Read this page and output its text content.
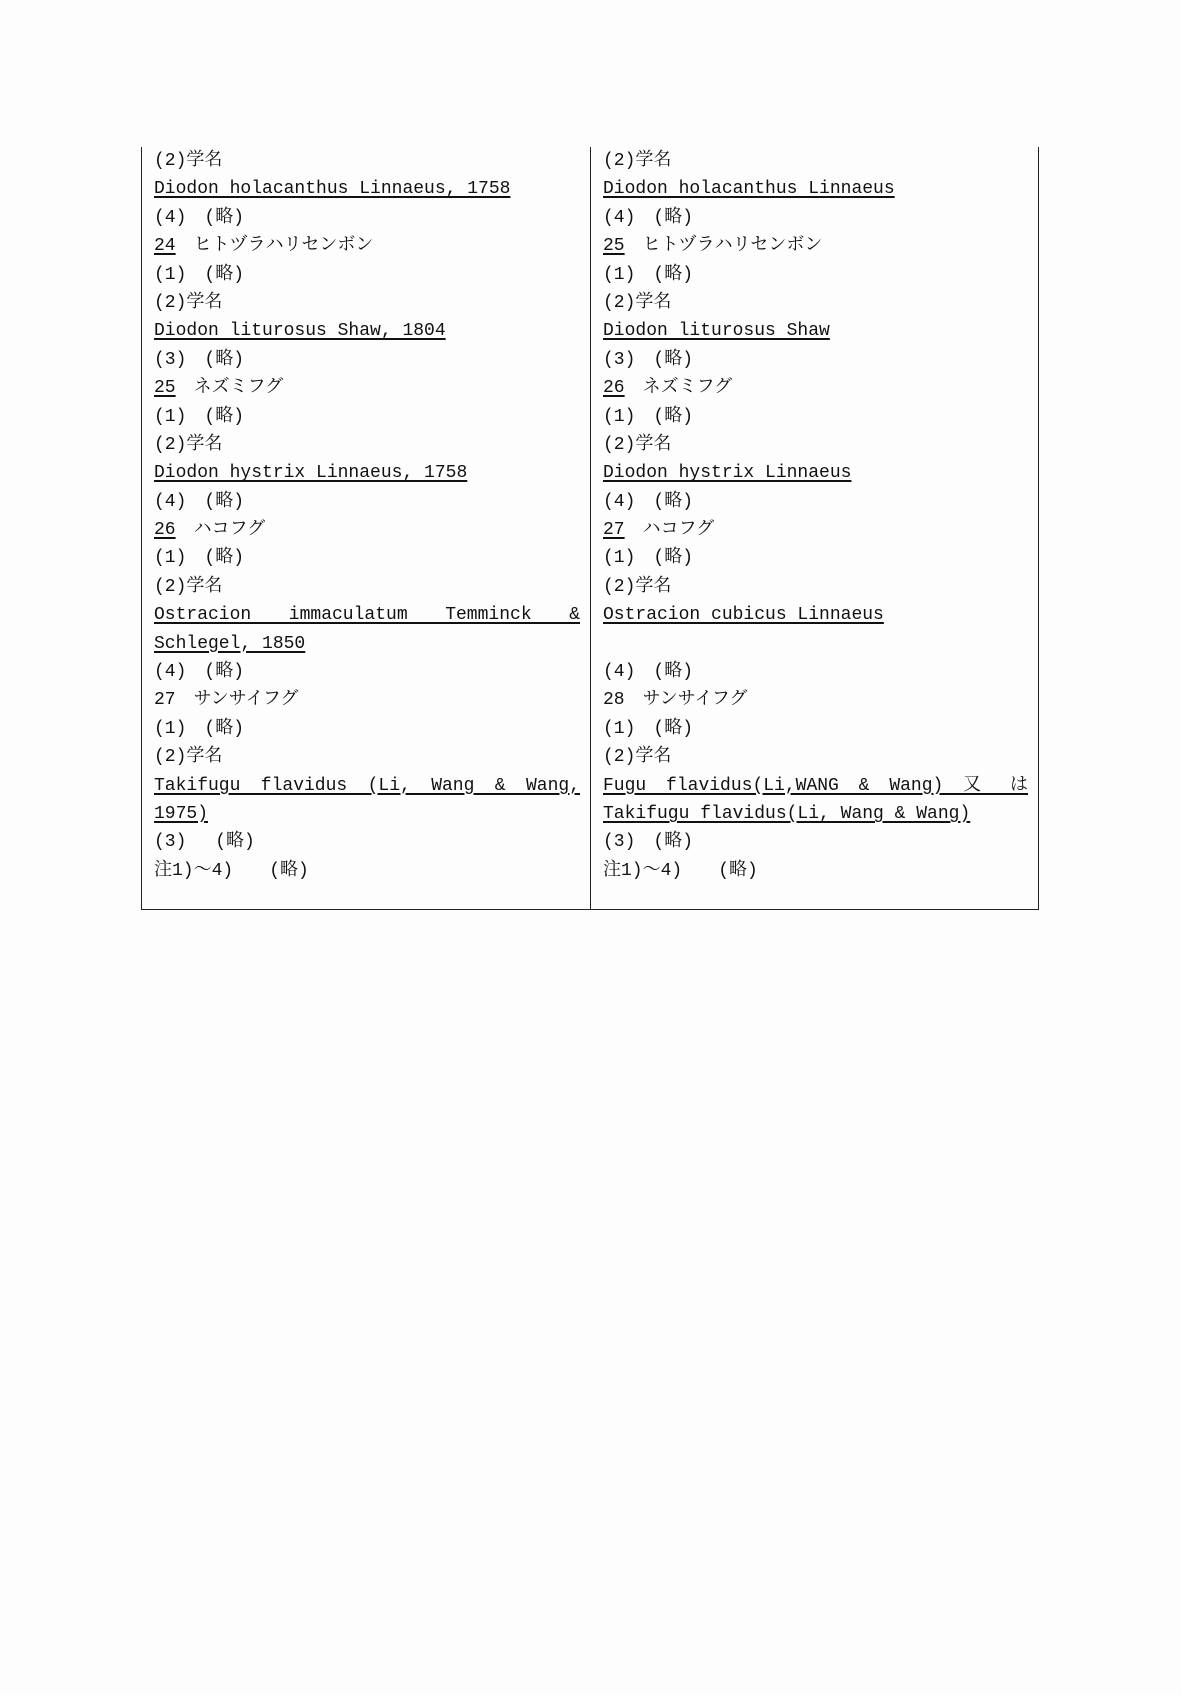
(2)学名
Diodon holacanthus Linnaeus, 1758
(4)　(略)
24　ヒトヅラハリセンボン
(1)　(略)
(2)学名
Diodon liturosus Shaw, 1804
(3)　(略)
25　ネズミフグ
(1)　(略)
(2)学名
Diodon hystrix Linnaeus, 1758
(4)　(略)
26　ハコフグ
(1)　(略)
(2)学名
Ostracion immaculatum Temminck &
Schlegel, 1850
(4)　(略)
27　サンサイフグ
(1)　(略)
(2)学名
Takifugu flavidus (Li, Wang & Wang,
1975)
(3)　 (略)
注1)～4)　　(略)
(2)学名
Diodon holacanthus Linnaeus
(4)　(略)
25　ヒトヅラハリセンボン
(1)　(略)
(2)学名
Diodon liturosus Shaw
(3)　(略)
26　ネズミフグ
(1)　(略)
(2)学名
Diodon hystrix Linnaeus
(4)　(略)
27　ハコフグ
(1)　(略)
(2)学名
Ostracion cubicus Linnaeus
(4)　(略)
28　サンサイフグ
(1)　(略)
(2)学名
Fugu flavidus(Li,WANG & Wang) 又 は
Takifugu flavidus(Li, Wang & Wang)
(3)　(略)
注1)～4)　　(略)
